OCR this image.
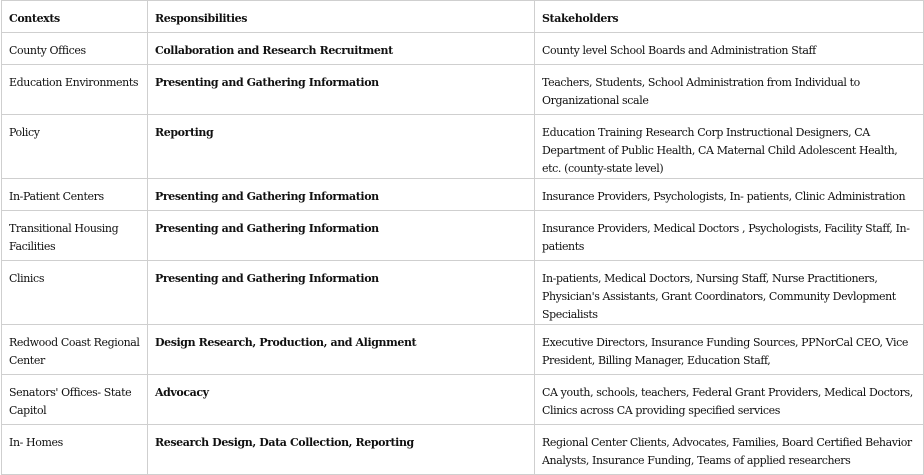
Contexts	Responsibilities	Stakeholders
County Offices	Collaboration and Research Recruitment	County level School Boards and Administration Staff
Education Environments	Presenting and Gathering Information	Teachers, Students, School Administration from Individual to Organizational scale
Policy	Reporting	Education Training Research Corp Instructional Designers, CA Department of Public Health, CA Maternal Child Adolescent Health, etc. (county-state level)
In-Patient Centers	Presenting and Gathering Information	Insurance Providers, Psychologists, In- patients, Clinic Administration
Transitional Housing Facilities	Presenting and Gathering Information	Insurance Providers, Medical Doctors , Psychologists, Facility Staff, In-patients
Clinics	Presenting and Gathering Information	In-patients, Medical Doctors, Nursing Staff, Nurse Practitioners, Physician's Assistants, Grant Coordinators, Community Devlopment Specialists
Redwood Coast Regional Center	Design Research, Production, and Alignment	Executive Directors, Insurance Funding Sources, PPNorCal CEO, Vice President, Billing Manager, Education Staff,
Senators' Offices- State Capitol	Advocacy	CA youth, schools, teachers, Federal Grant Providers, Medical Doctors, Clinics across CA providing specified services
In- Homes	Research Design, Data Collection, Reporting	Regional Center Clients, Advocates, Families, Board Certified Behavior Analysts, Insurance Funding, Teams of applied researchers
